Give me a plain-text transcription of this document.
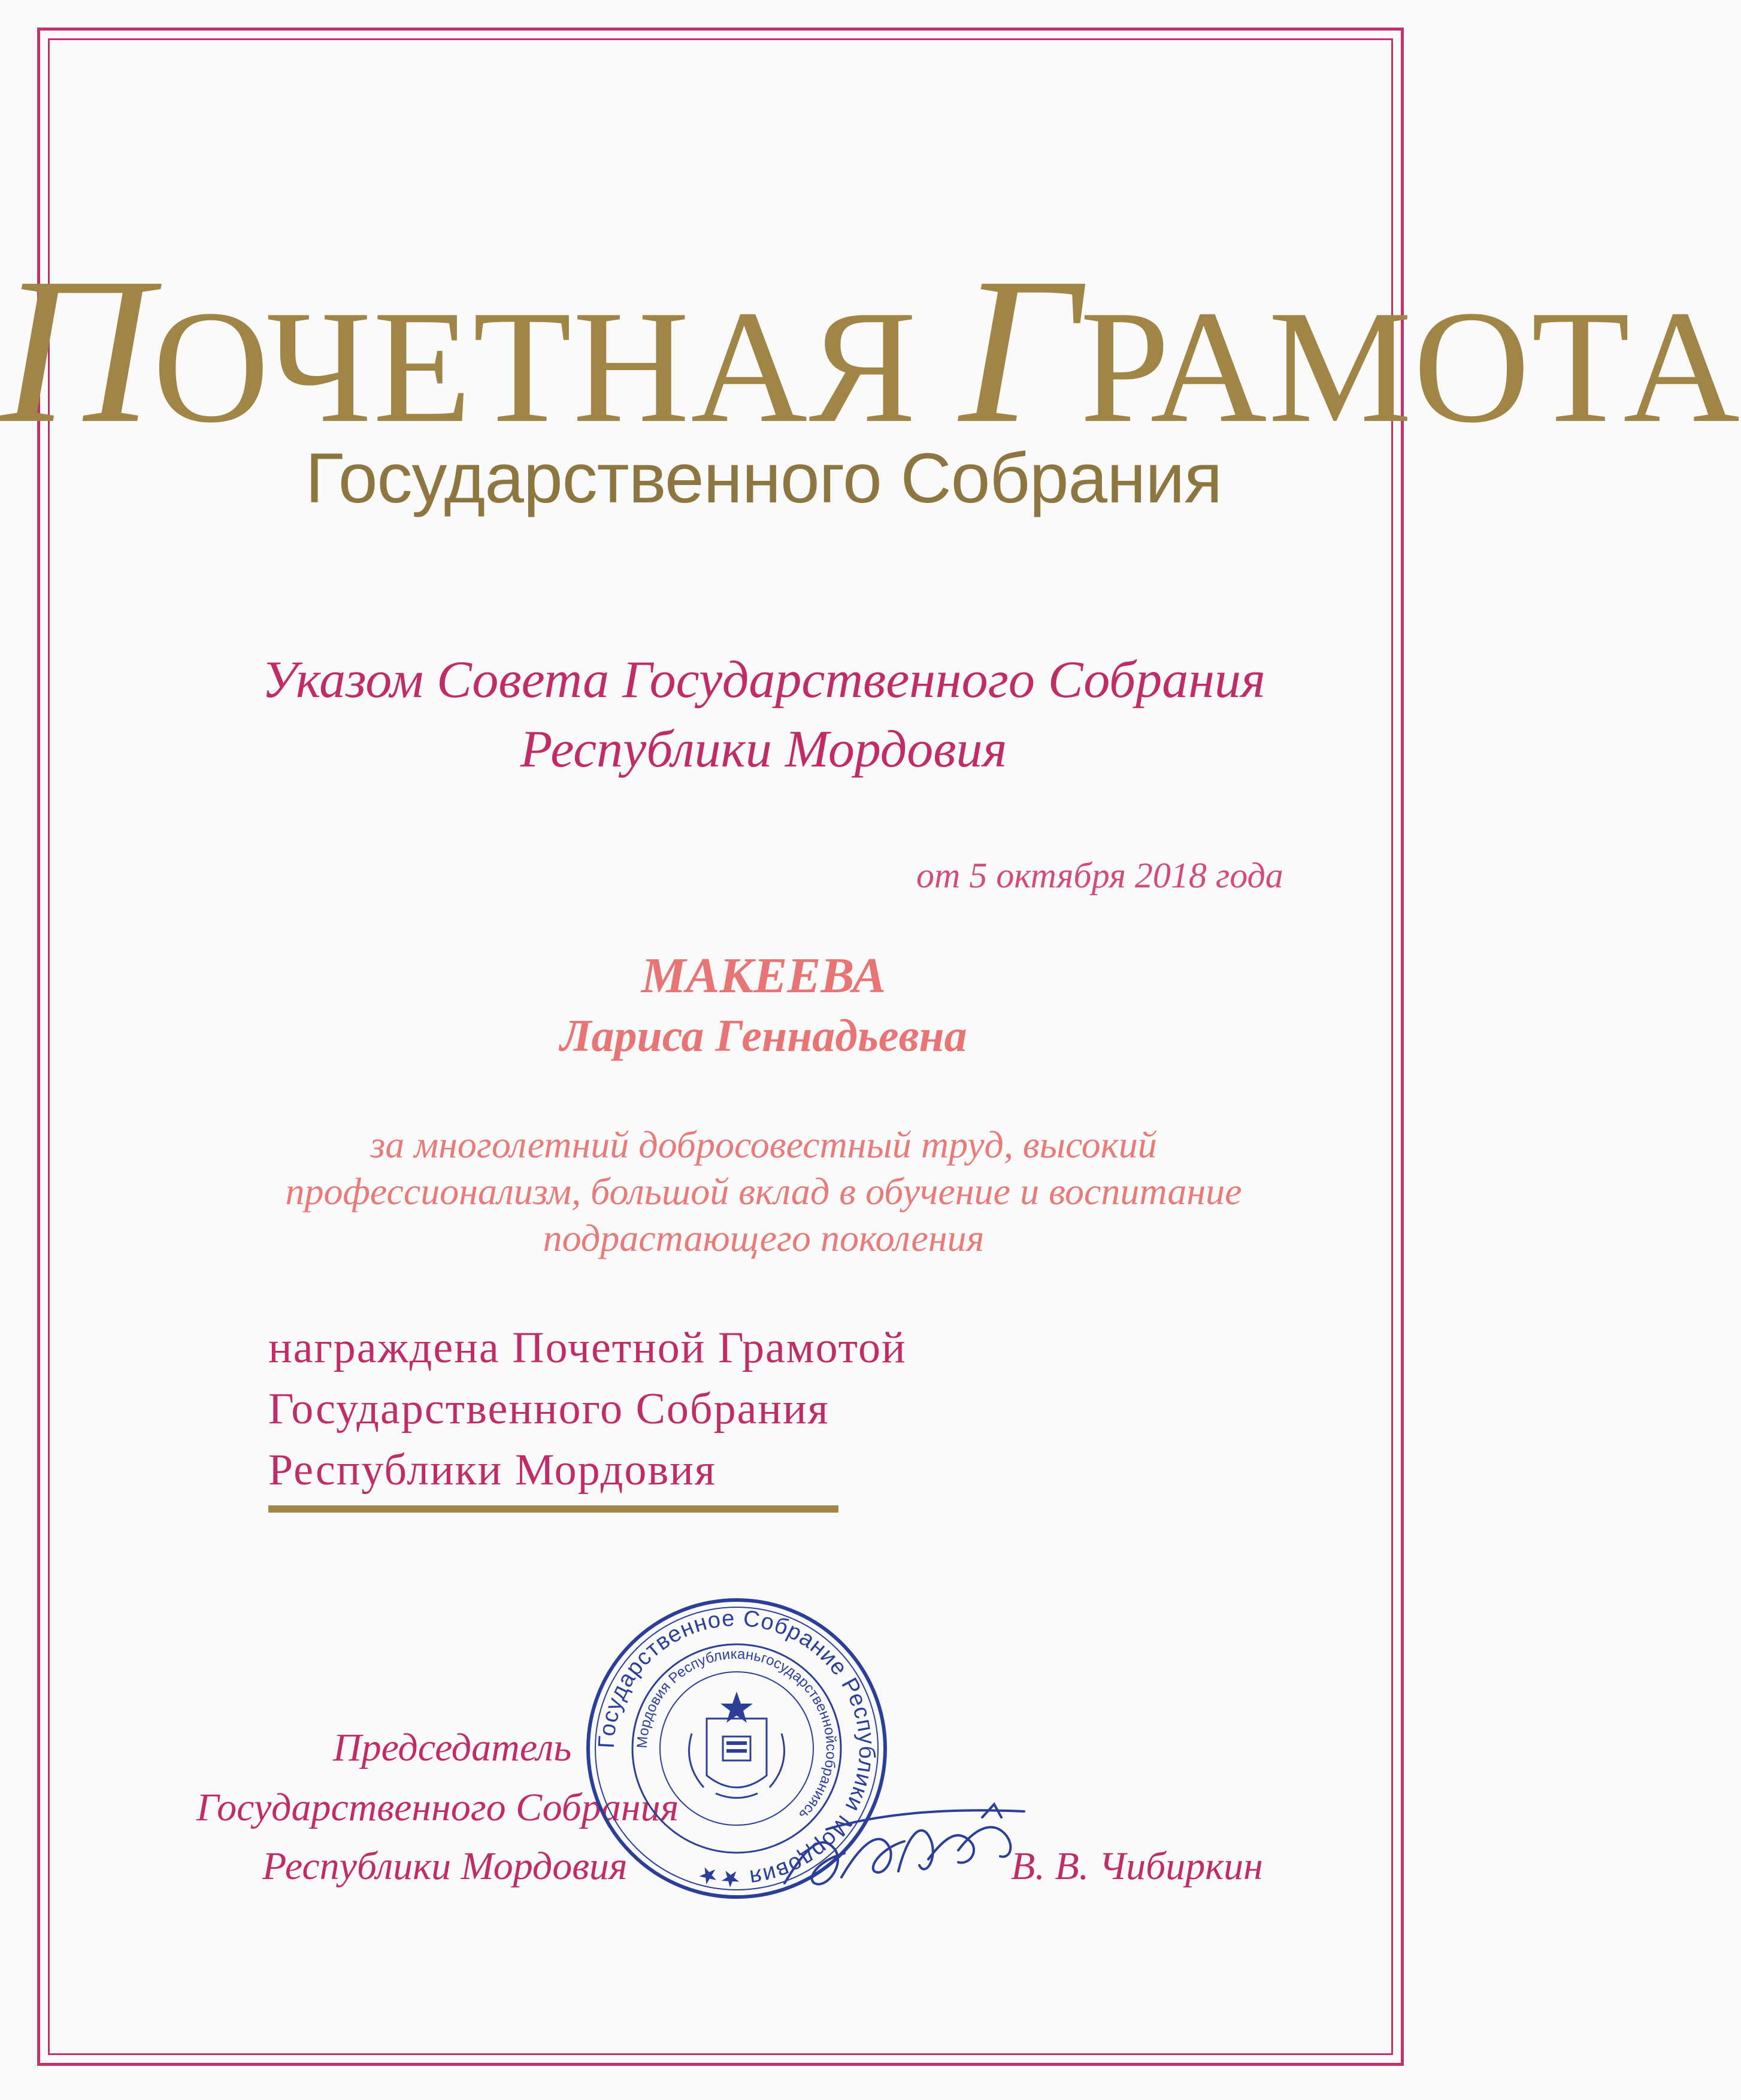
ПОЧЕТНАЯ ГРАМОТА
Государственного Собрания
Указом Совета Государственного Собрания
Республики Мордовия
от 5 октября 2018 года
МАКЕЕВА
Лариса Геннадьевна
за многолетний добросовестный труд, высокий
профессионализм, большой вклад в обучение и воспитание
подрастающего поколения
награждена Почетной Грамотой
Государственного Собрания
Республики Мордовия
Председатель
Государственного Собрания
Республики Мордовия	В. В. Чибиркин
Государственное Собрание Республики Мордовия ★★
Мордовия Республиканьгосударственнойсобраниясь
